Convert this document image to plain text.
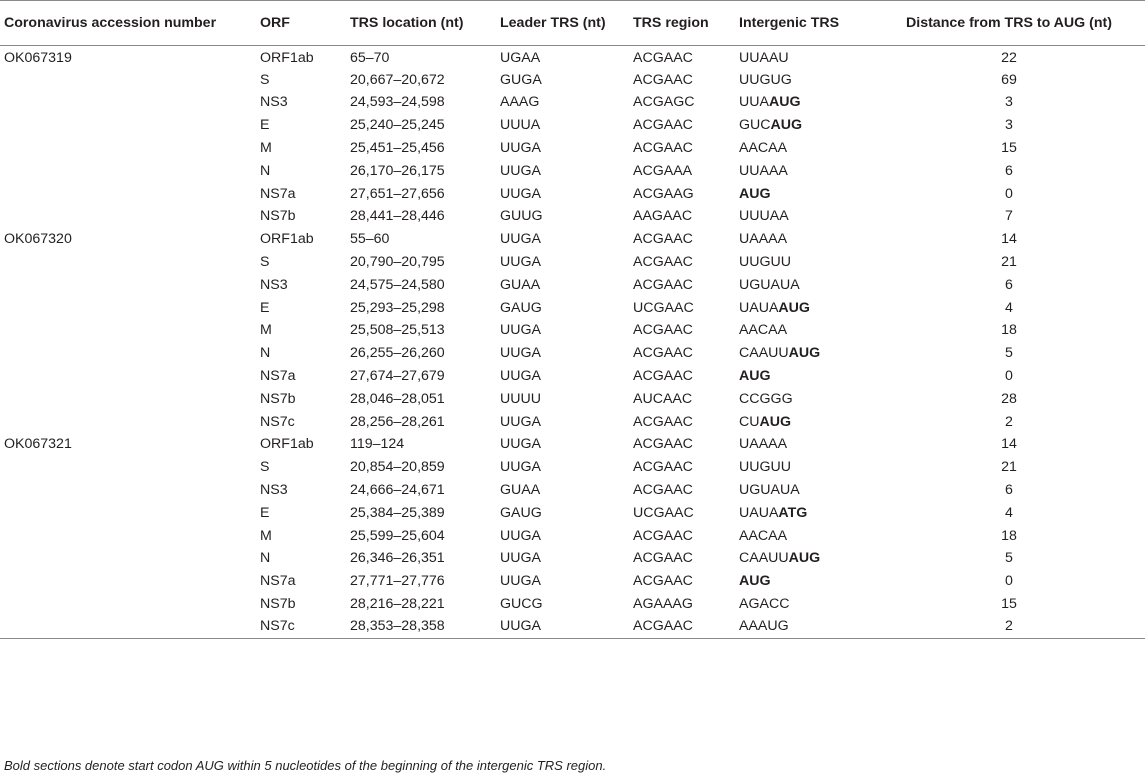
Coronavirus accession number	ORF	TRS location (nt)	Leader TRS (nt)	TRS region	Intergenic TRS	Distance from TRS to AUG (nt)
OK067319	ORF1ab	65–70	UGAA	ACGAAC	UUAAU	22
	S	20,667–20,672	GUGA	ACGAAC	UUGUG	69
	NS3	24,593–24,598	AAAG	ACGAGC	UUAAUG	3
	E	25,240–25,245	UUUA	ACGAAC	GUCAUG	3
	M	25,451–25,456	UUGA	ACGAAC	AACAA	15
	N	26,170–26,175	UUGA	ACGAAA	UUAAA	6
	NS7a	27,651–27,656	UUGA	ACGAAG	AUG	0
	NS7b	28,441–28,446	GUUG	AAGAAC	UUUAA	7
OK067320	ORF1ab	55–60	UUGA	ACGAAC	UAAAA	14
	S	20,790–20,795	UUGA	ACGAAC	UUGUU	21
	NS3	24,575–24,580	GUAA	ACGAAC	UGUAUA	6
	E	25,293–25,298	GAUG	UCGAAC	UAUAAUG	4
	M	25,508–25,513	UUGA	ACGAAC	AACAA	18
	N	26,255–26,260	UUGA	ACGAAC	CAAUUAUG	5
	NS7a	27,674–27,679	UUGA	ACGAAC	AUG	0
	NS7b	28,046–28,051	UUUU	AUCAAC	CCGGG	28
	NS7c	28,256–28,261	UUGA	ACGAAC	CUAUG	2
OK067321	ORF1ab	119–124	UUGA	ACGAAC	UAAAA	14
	S	20,854–20,859	UUGA	ACGAAC	UUGUU	21
	NS3	24,666–24,671	GUAA	ACGAAC	UGUAUA	6
	E	25,384–25,389	GAUG	UCGAAC	UAUAATG	4
	M	25,599–25,604	UUGA	ACGAAC	AACAA	18
	N	26,346–26,351	UUGA	ACGAAC	CAAUUAUG	5
	NS7a	27,771–27,776	UUGA	ACGAAC	AUG	0
	NS7b	28,216–28,221	GUCG	AGAAAG	AGACC	15
	NS7c	28,353–28,358	UUGA	ACGAAC	AAAUG	2
Bold sections denote start codon AUG within 5 nucleotides of the beginning of the intergenic TRS region.
